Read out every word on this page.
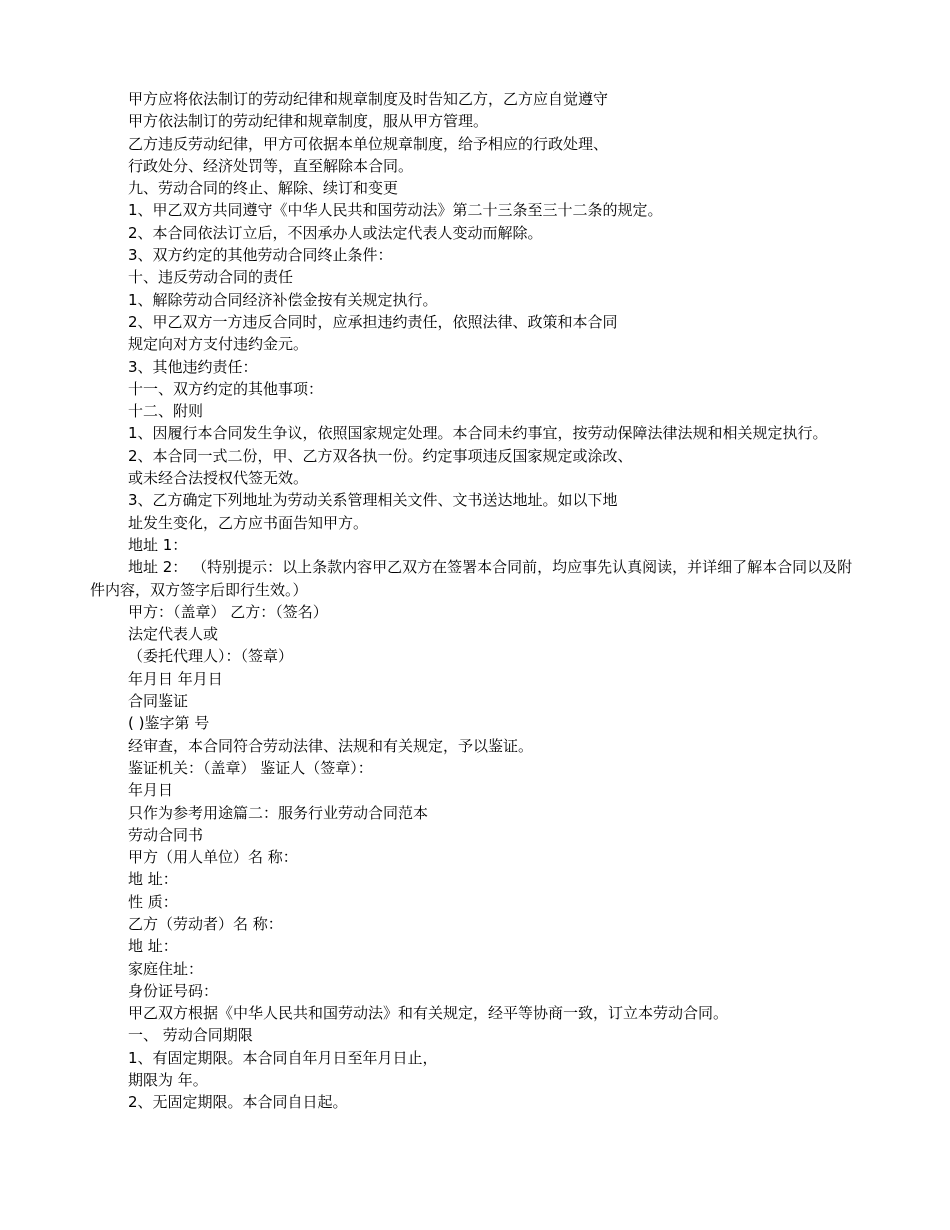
甲方应将依法制订的劳动纪律和规章制度及时告知乙方，乙方应自觉遵守
甲方依法制订的劳动纪律和规章制度，服从甲方管理。
乙方违反劳动纪律，甲方可依据本单位规章制度，给予相应的行政处理、
行政处分、经济处罚等，直至解除本合同。
九、劳动合同的终止、解除、续订和变更
1、甲乙双方共同遵守《中华人民共和国劳动法》第二十三条至三十二条的规定。
2、本合同依法订立后，不因承办人或法定代表人变动而解除。
3、双方约定的其他劳动合同终止条件：
十、违反劳动合同的责任
1、解除劳动合同经济补偿金按有关规定执行。
2、甲乙双方一方违反合同时，应承担违约责任，依照法律、政策和本合同
规定向对方支付违约金元。
3、其他违约责任：
十一、双方约定的其他事项：
十二、附则
1、因履行本合同发生争议，依照国家规定处理。本合同未约事宜，按劳动保障法律法规和相关规定执行。
2、本合同一式二份，甲、乙方双各执一份。约定事项违反国家规定或涂改、
或未经合法授权代签无效。
3、乙方确定下列地址为劳动关系管理相关文件、文书送达地址。如以下地
址发生变化，乙方应书面告知甲方。
地址 1：
地址 2： （特别提示：以上条款内容甲乙双方在签署本合同前，均应事先认真阅读，并详细了解本合同以及附件内容，双方签字后即行生效。）
甲方：（盖章） 乙方：（签名）
法定代表人或
（委托代理人）：（签章）
年月日 年月日
合同鉴证
( )鉴字第 号
经审查，本合同符合劳动法律、法规和有关规定，予以鉴证。
鉴证机关：（盖章） 鉴证人（签章）：
年月日
只作为参考用途篇二：服务行业劳动合同范本
劳动合同书
甲方（用人单位）名 称：
地 址：
性 质：
乙方（劳动者）名 称：
地 址：
家庭住址：
身份证号码：
甲乙双方根据《中华人民共和国劳动法》和有关规定，经平等协商一致，订立本劳动合同。
一、 劳动合同期限
1、有固定期限。本合同自年月日至年月日止，
期限为 年。
2、无固定期限。本合同自日起。
